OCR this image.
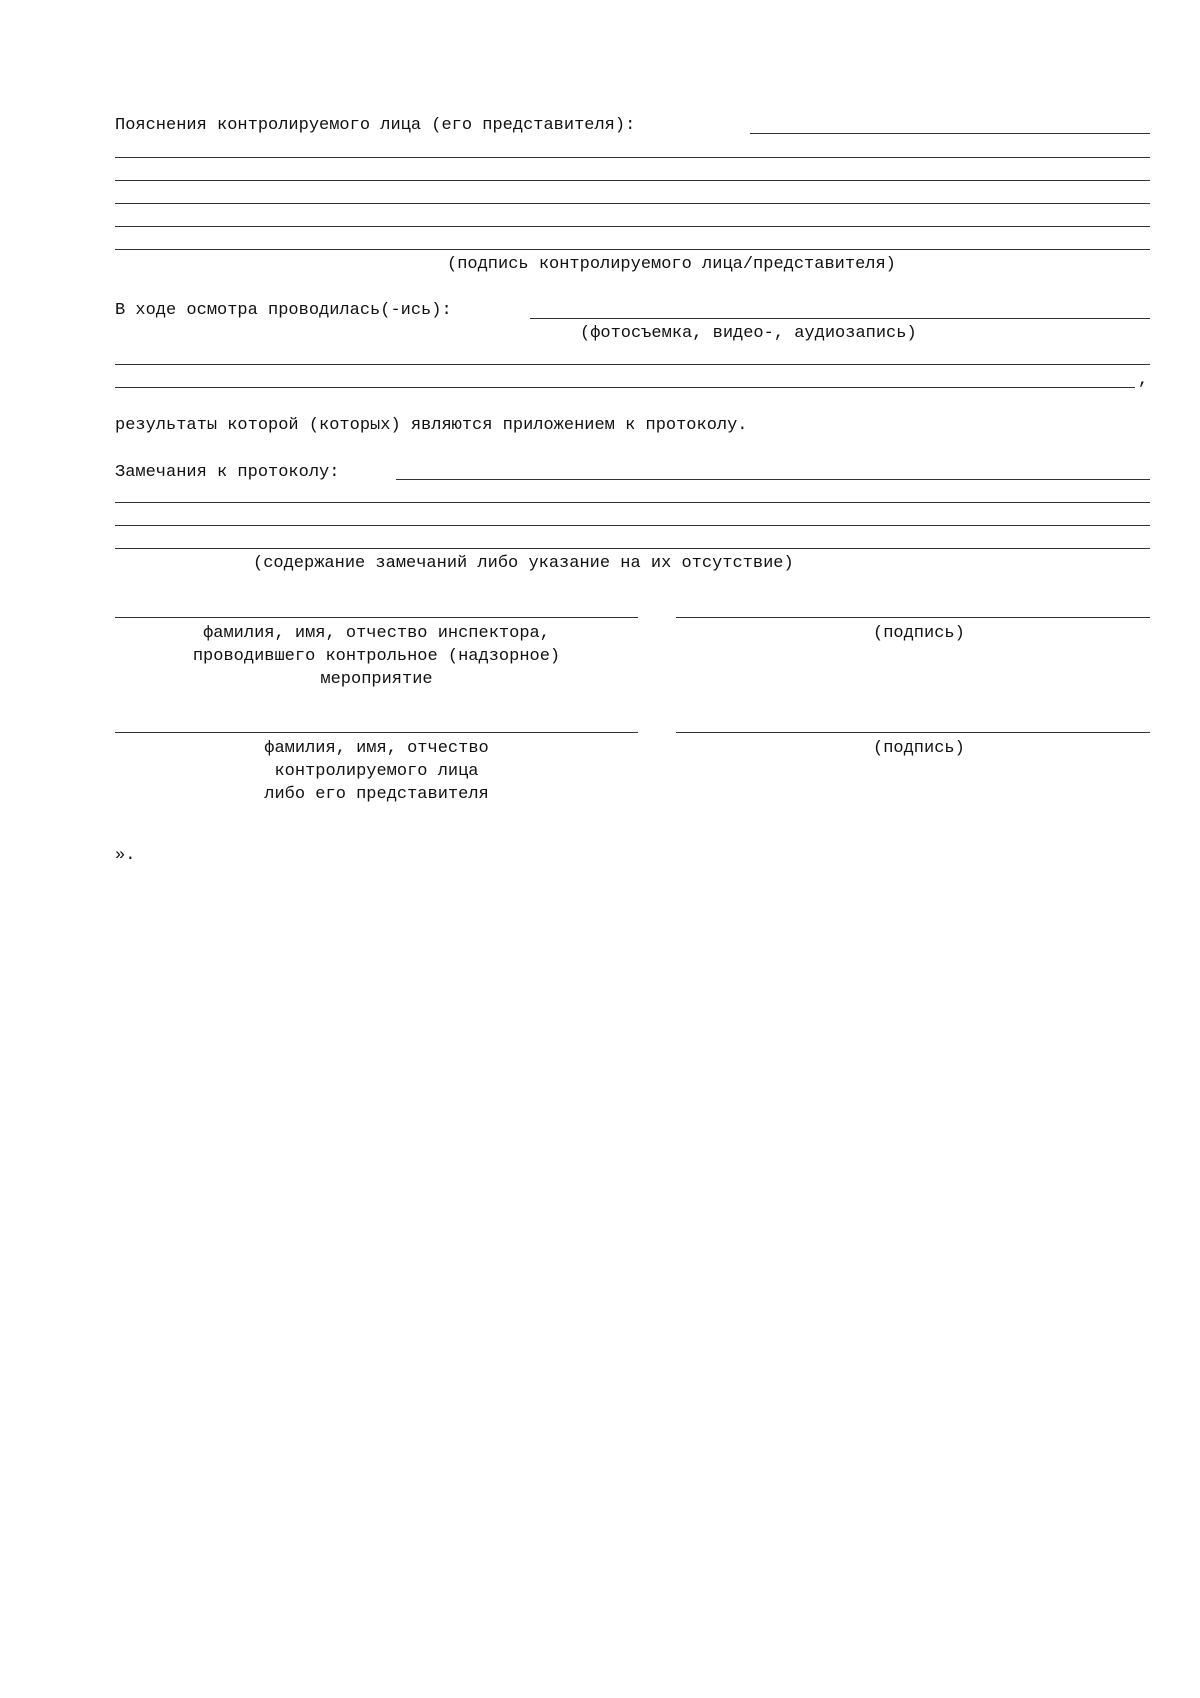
Пояснения контролируемого лица (его представителя):
(подпись контролируемого лица/представителя)
В ходе осмотра проводилась(-ись):
(фотосъемка, видео-, аудиозапись)
,
результаты которой (которых) являются приложением к протоколу.
Замечания к протоколу:
(содержание замечаний либо указание на их отсутствие)
фамилия, имя, отчество инспектора,
проводившего контрольное (надзорное)
мероприятие
(подпись)
фамилия, имя, отчество
контролируемого лица
либо его представителя
(подпись)
».
